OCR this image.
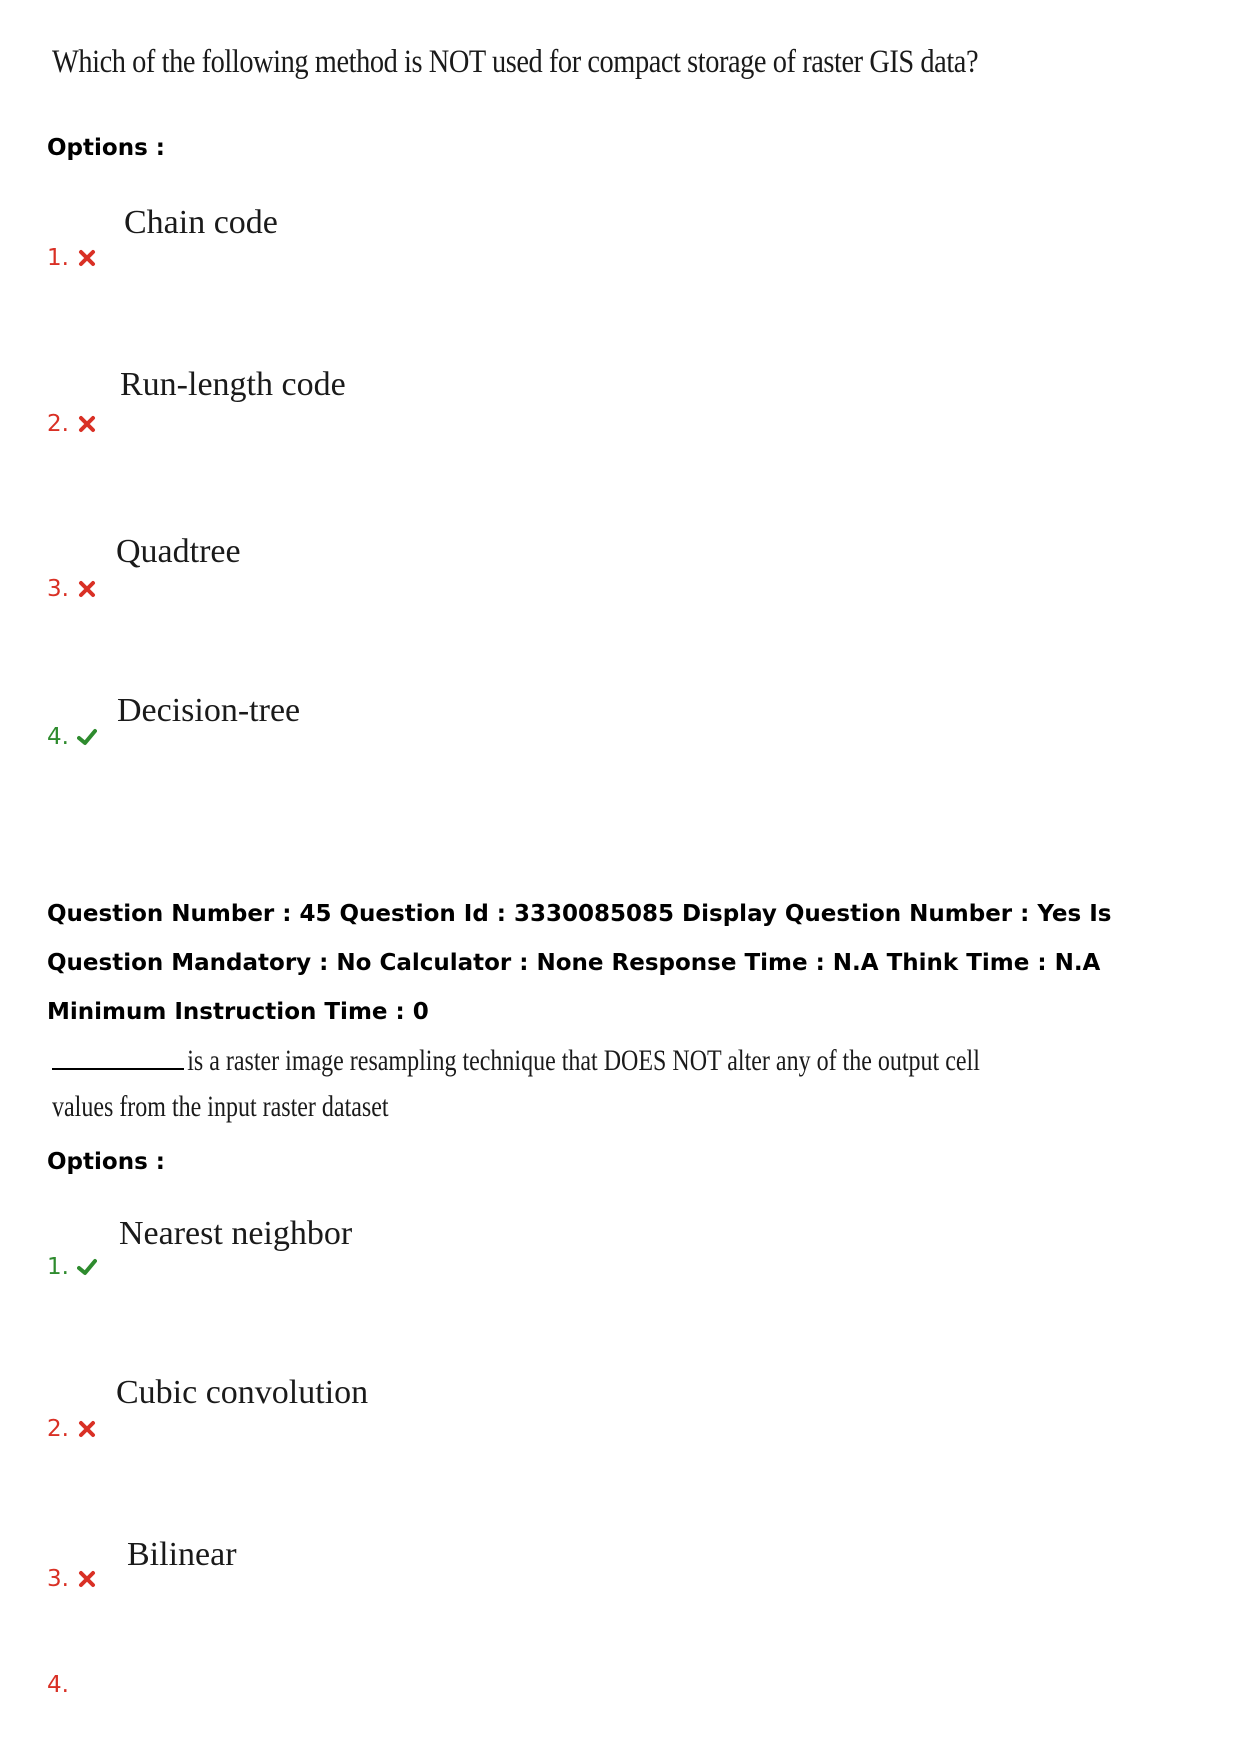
Which of the following method is NOT used for compact storage of raster GIS data?
Options :
Chain code
1.
Run-length code
2.
Quadtree
3.
Decision-tree
4.
Question Number : 45 Question Id : 3330085085 Display Question Number : Yes Is Question Mandatory : No Calculator : None Response Time : N.A Think Time : N.A Minimum Instruction Time : 0
is a raster image resampling technique that DOES NOT alter any of the output cell
values from the input raster dataset
Options :
Nearest neighbor
1.
Cubic convolution
2.
Bilinear
3.
4.
